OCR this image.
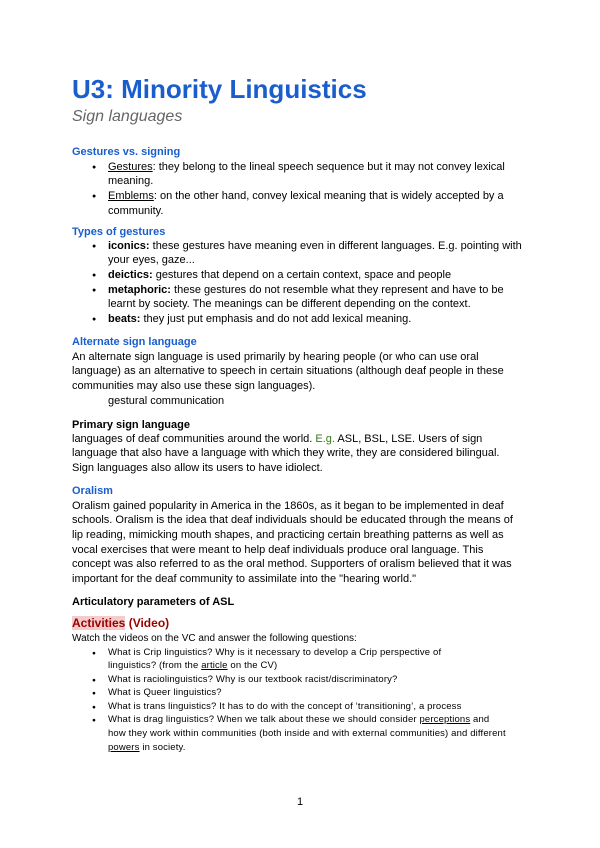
U3: Minority Linguistics
Sign languages
Gestures vs. signing
●
Gestures: they belong to the lineal speech sequence but it may not convey lexical
meaning.
●
Emblems: on the other hand, convey lexical meaning that is widely accepted by a
community.
Types of gestures
●
iconics: these gestures have meaning even in different languages. E.g. pointing with
your eyes, gaze...
●
deictics: gestures that depend on a certain context, space and people
●
metaphoric: these gestures do not resemble what they represent and have to be
learnt by society. The meanings can be different depending on the context.
●
beats: they just put emphasis and do not add lexical meaning.
Alternate sign language
An alternate sign language is used primarily by hearing people (or who can use oral
language) as an alternative to speech in certain situations (although deaf people in these
communities may also use these sign languages).
gestural communication
Primary sign language
languages of deaf communities around the world. E.g. ASL, BSL, LSE. Users of sign
language that also have a language with which they write, they are considered bilingual.
Sign languages also allow its users to have idiolect.
Oralism
Oralism gained popularity in America in the 1860s, as it began to be implemented in deaf
schools. Oralism is the idea that deaf individuals should be educated through the means of
lip reading, mimicking mouth shapes, and practicing certain breathing patterns as well as
vocal exercises that were meant to help deaf individuals produce oral language. This
concept was also referred to as the oral method. Supporters of oralism believed that it was
important for the deaf community to assimilate into the "hearing world."
Articulatory parameters of ASL
Activities (Video)
Watch the videos on the VC and answer the following questions:
●
What is Crip linguistics? Why is it necessary to develop a Crip perspective of
linguistics? (from the article on the CV)
●
What is raciolinguistics? Why is our textbook racist/discriminatory?
●
What is Queer linguistics?
●
What is trans linguistics? It has to do with the concept of ‘transitioning’, a process
●
What is drag linguistics? When we talk about these we should consider perceptions and
how they work within communities (both inside and with external communities) and different
powers in society.
1
